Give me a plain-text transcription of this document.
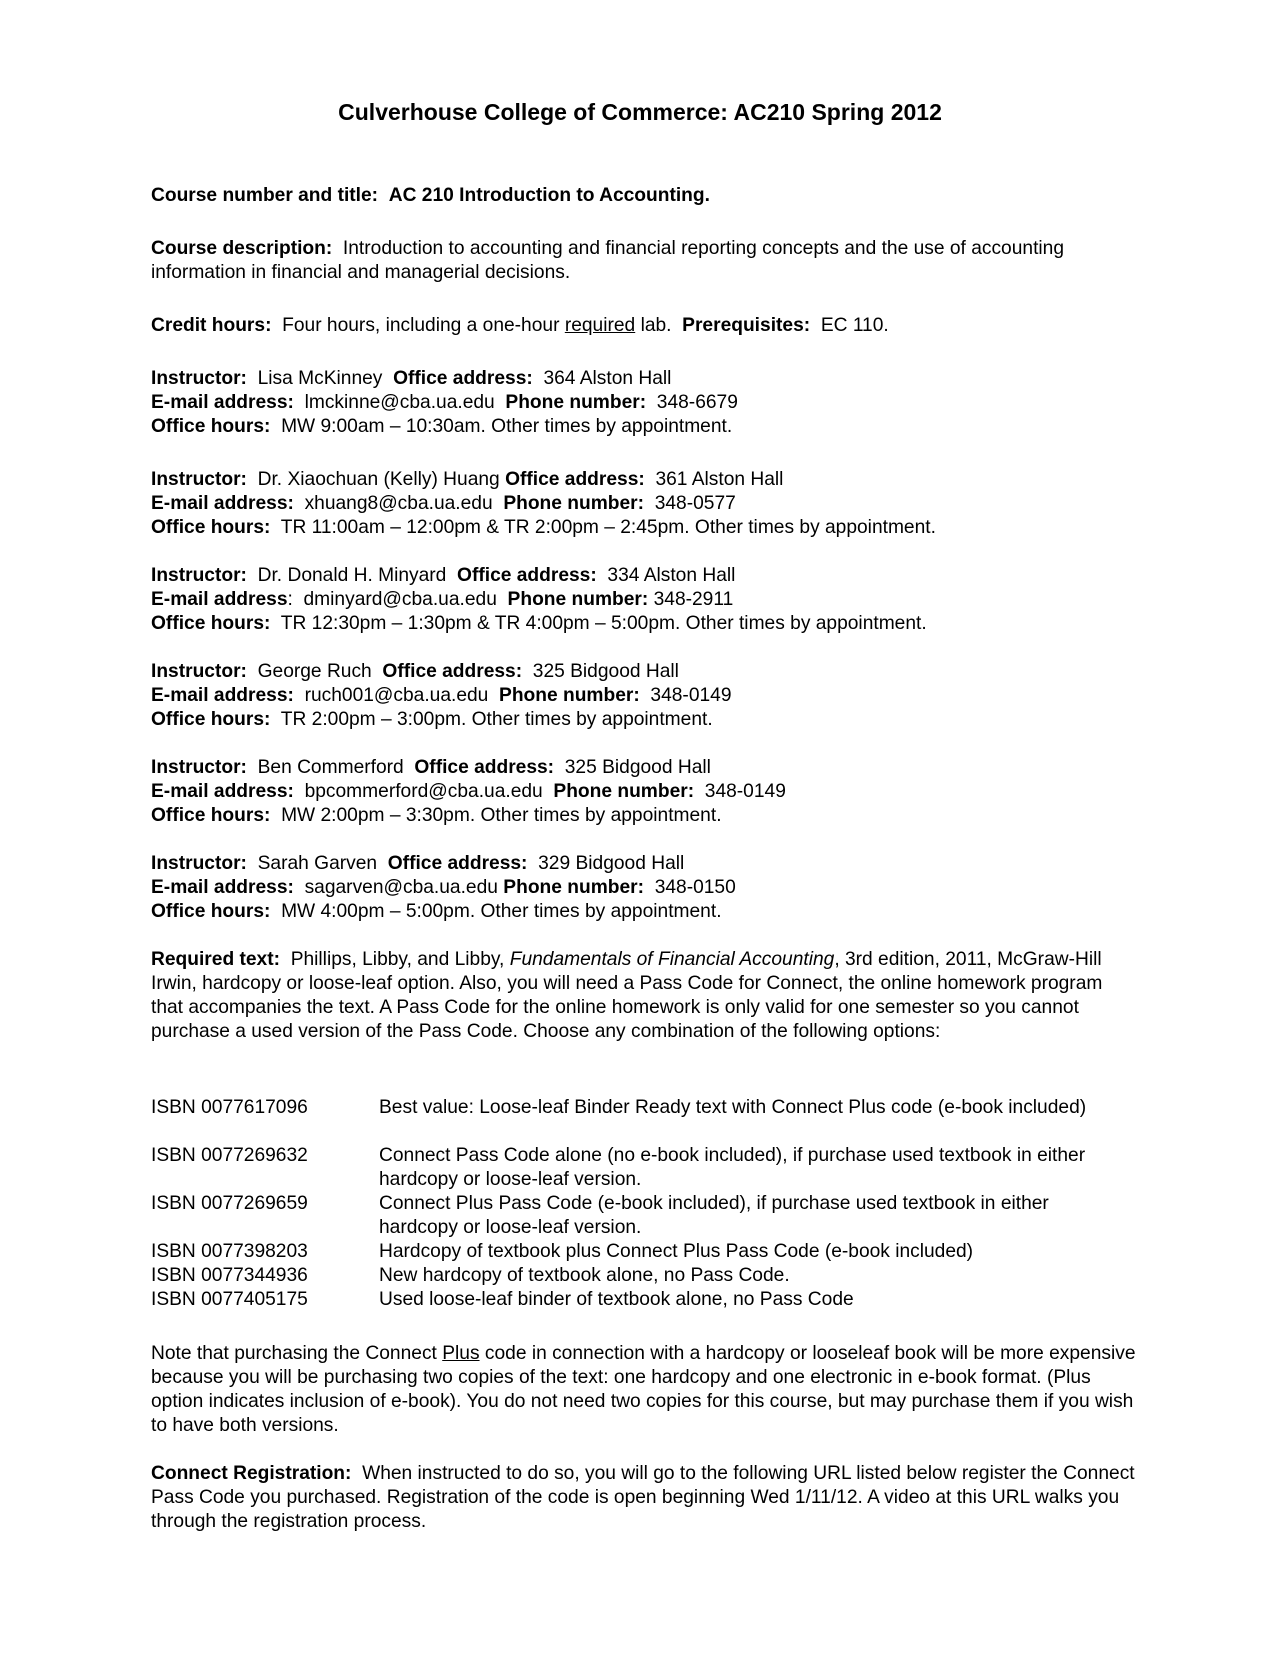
Culverhouse College of Commerce: AC210 Spring 2012
Course number and title: AC 210 Introduction to Accounting.
Course description: Introduction to accounting and financial reporting concepts and the use of accounting information in financial and managerial decisions.
Credit hours: Four hours, including a one-hour required lab. Prerequisites: EC 110.
Instructor: Lisa McKinney Office address: 364 Alston Hall
E-mail address: lmckinne@cba.ua.edu Phone number: 348-6679
Office hours: MW 9:00am – 10:30am. Other times by appointment.
Instructor: Dr. Xiaochuan (Kelly) Huang Office address: 361 Alston Hall
E-mail address: xhuang8@cba.ua.edu Phone number: 348-0577
Office hours: TR 11:00am – 12:00pm & TR 2:00pm – 2:45pm. Other times by appointment.
Instructor: Dr. Donald H. Minyard Office address: 334 Alston Hall
E-mail address:  dminyard@cba.ua.edu Phone number: 348-2911
Office hours: TR 12:30pm – 1:30pm & TR 4:00pm – 5:00pm. Other times by appointment.
Instructor: George Ruch Office address: 325 Bidgood Hall
E-mail address: ruch001@cba.ua.edu Phone number: 348-0149
Office hours: TR 2:00pm – 3:00pm. Other times by appointment.
Instructor: Ben Commerford Office address: 325 Bidgood Hall
E-mail address: bpcommerford@cba.ua.edu Phone number: 348-0149
Office hours: MW 2:00pm – 3:30pm. Other times by appointment.
Instructor: Sarah Garven Office address: 329 Bidgood Hall
E-mail address: sagarven@cba.ua.edu Phone number: 348-0150
Office hours: MW 4:00pm – 5:00pm. Other times by appointment.
Required text: Phillips, Libby, and Libby, Fundamentals of Financial Accounting, 3rd edition, 2011, McGraw-Hill Irwin, hardcopy or loose-leaf option. Also, you will need a Pass Code for Connect, the online homework program that accompanies the text. A Pass Code for the online homework is only valid for one semester so you cannot purchase a used version of the Pass Code. Choose any combination of the following options:
ISBN 0077617096	Best value: Loose-leaf Binder Ready text with Connect Plus code (e-book included)
ISBN 0077269632	Connect Pass Code alone (no e-book included), if purchase used textbook in either hardcopy or loose-leaf version.
ISBN 0077269659	Connect Plus Pass Code (e-book included), if purchase used textbook in either hardcopy or loose-leaf version.
ISBN 0077398203	Hardcopy of textbook plus Connect Plus Pass Code (e-book included)
ISBN 0077344936	New hardcopy of textbook alone, no Pass Code.
ISBN 0077405175	Used loose-leaf binder of textbook alone, no Pass Code
Note that purchasing the Connect Plus code in connection with a hardcopy or looseleaf book will be more expensive because you will be purchasing two copies of the text: one hardcopy and one electronic in e-book format. (Plus option indicates inclusion of e-book). You do not need two copies for this course, but may purchase them if you wish to have both versions.
Connect Registration: When instructed to do so, you will go to the following URL listed below register the Connect Pass Code you purchased. Registration of the code is open beginning Wed 1/11/12. A video at this URL walks you through the registration process.
